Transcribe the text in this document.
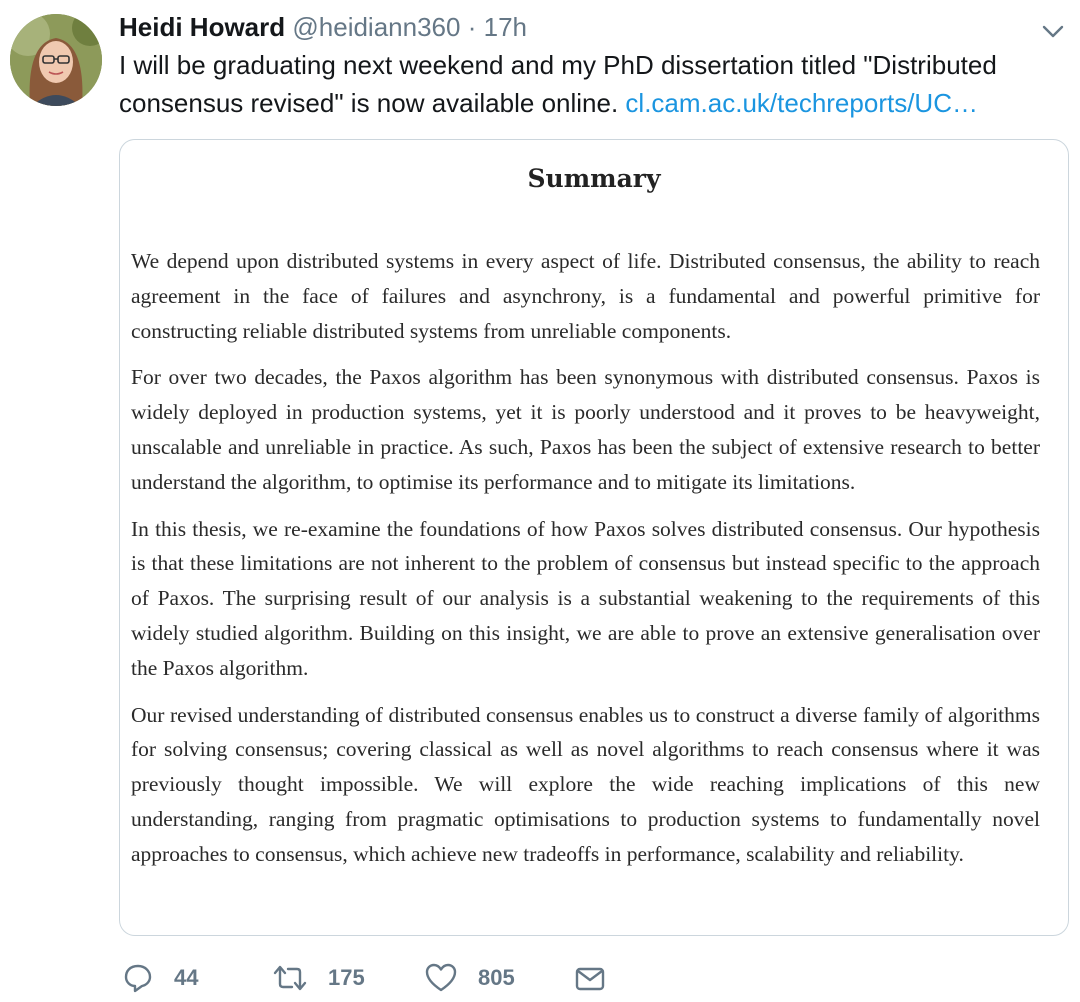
Heidi Howard @heidiann360 · 17h
I will be graduating next weekend and my PhD dissertation titled "Distributed consensus revised" is now available online. cl.cam.ac.uk/techreports/UC…
Summary

We depend upon distributed systems in every aspect of life. Distributed consensus, the ability to reach agreement in the face of failures and asynchrony, is a fundamental and powerful primitive for constructing reliable distributed systems from unreliable components.

For over two decades, the Paxos algorithm has been synonymous with distributed consensus. Paxos is widely deployed in production systems, yet it is poorly understood and it proves to be heavyweight, unscalable and unreliable in practice. As such, Paxos has been the subject of extensive research to better understand the algorithm, to optimise its performance and to mitigate its limitations.

In this thesis, we re-examine the foundations of how Paxos solves distributed consensus. Our hypothesis is that these limitations are not inherent to the problem of consensus but instead specific to the approach of Paxos. The surprising result of our analysis is a substantial weakening to the requirements of this widely studied algorithm. Building on this insight, we are able to prove an extensive generalisation over the Paxos algorithm.

Our revised understanding of distributed consensus enables us to construct a diverse family of algorithms for solving consensus; covering classical as well as novel algorithms to reach consensus where it was previously thought impossible. We will explore the wide reaching implications of this new understanding, ranging from pragmatic optimisations to production systems to fundamentally novel approaches to consensus, which achieve new tradeoffs in performance, scalability and reliability.

44	175	805
